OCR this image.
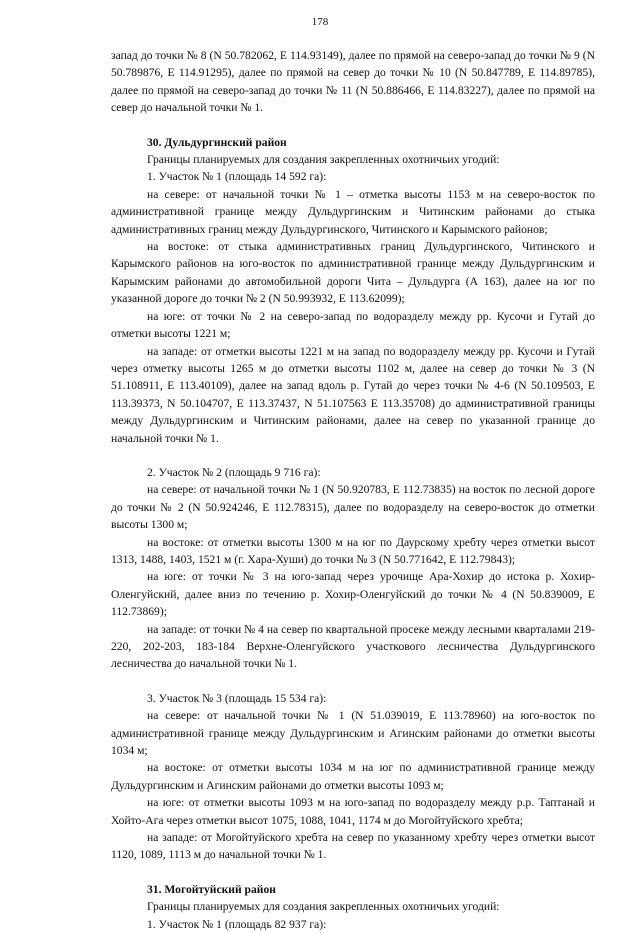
178

запад до точки № 8 (N 50.782062, E 114.93149), далее по прямой на северо-запад до точки № 9 (N 50.789876, E 114.91295), далее по прямой на север до точки № 10 (N 50.847789, E 114.89785), далее по прямой на северо-запад до точки № 11 (N 50.886466, E 114.83227), далее по прямой на север до начальной точки № 1.

30. Дульдургинский район

Границы планируемых для создания закрепленных охотничьих угодий:

1. Участок № 1 (площадь 14 592 га):

на севере: от начальной точки № 1 – отметка высоты 1153 м на северо-восток по административной границе между Дульдургинским и Читинским районами до стыка административных границ между Дульдургинского, Читинского и Карымского районов;

на востоке: от стыка административных границ Дульдургинского, Читинского и Карымского районов на юго-восток по административной границе между Дульдургинским и Карымским районами до автомобильной дороги Чита – Дульдурга (А 163), далее на юг по указанной дороге до точки № 2 (N 50.993932, E 113.62099);

на юге: от точки № 2 на северо-запад по водоразделу между рр. Кусочи и Гутай до отметки высоты 1221 м;

на западе: от отметки высоты 1221 м на запад по водоразделу между рр. Кусочи и Гутай через отметку высоты 1265 м до отметки высоты 1102 м, далее на север до точки № 3 (N 51.108911, E 113.40109), далее на запад вдоль р. Гутай до через точки № 4-6 (N 50.109503, E 113.39373, N 50.104707, E 113.37437, N 51.107563 E 113.35708) до административной границы между Дульдургинским и Читинским районами, далее на север по указанной границе до начальной точки № 1.

2. Участок № 2 (площадь 9 716 га):

на севере: от начальной точки № 1 (N 50.920783, E 112.73835) на восток по лесной дороге до точки № 2 (N 50.924246, E 112.78315), далее по водоразделу на северо-восток до отметки высоты 1300 м;

на востоке: от отметки высоты 1300 м на юг по Даурскому хребту через отметки высот 1313, 1488, 1403, 1521 м (г. Хара-Хуши) до точки № 3 (N 50.771642, E 112.79843);

на юге: от точки № 3 на юго-запад через урочище Ара-Хохир до истока р. Хохир-Оленгуйский, далее вниз по течению р. Хохир-Оленгуйский до точки № 4 (N 50.839009, E 112.73869);

на западе: от точки № 4 на север по квартальной просеке между лесными кварталами 219-220, 202-203, 183-184 Верхне-Оленгуйского участкового лесничества Дульдургинского лесничества до начальной точки № 1.

3. Участок № 3 (площадь 15 534 га):

на севере: от начальной точки № 1 (N 51.039019, E 113.78960) на юго-восток по административной границе между Дульдургинским и Агинским районами до отметки высоты 1034 м;

на востоке: от отметки высоты 1034 м на юг по административной границе между Дульдургинским и Агинским районами до отметки высоты 1093 м;

на юге: от отметки высоты 1093 м на юго-запад по водоразделу между р.р. Таптанай и Хойто-Ага через отметки высот 1075, 1088, 1041, 1174 м до Могойтуйского хребта;

на западе: от Могойтуйского хребта на север по указанному хребту через отметки высот 1120, 1089, 1113 м до начальной точки № 1.

31. Могойтуйский район

Границы планируемых для создания закрепленных охотничьих угодий:

1. Участок № 1 (площадь 82 937 га):
